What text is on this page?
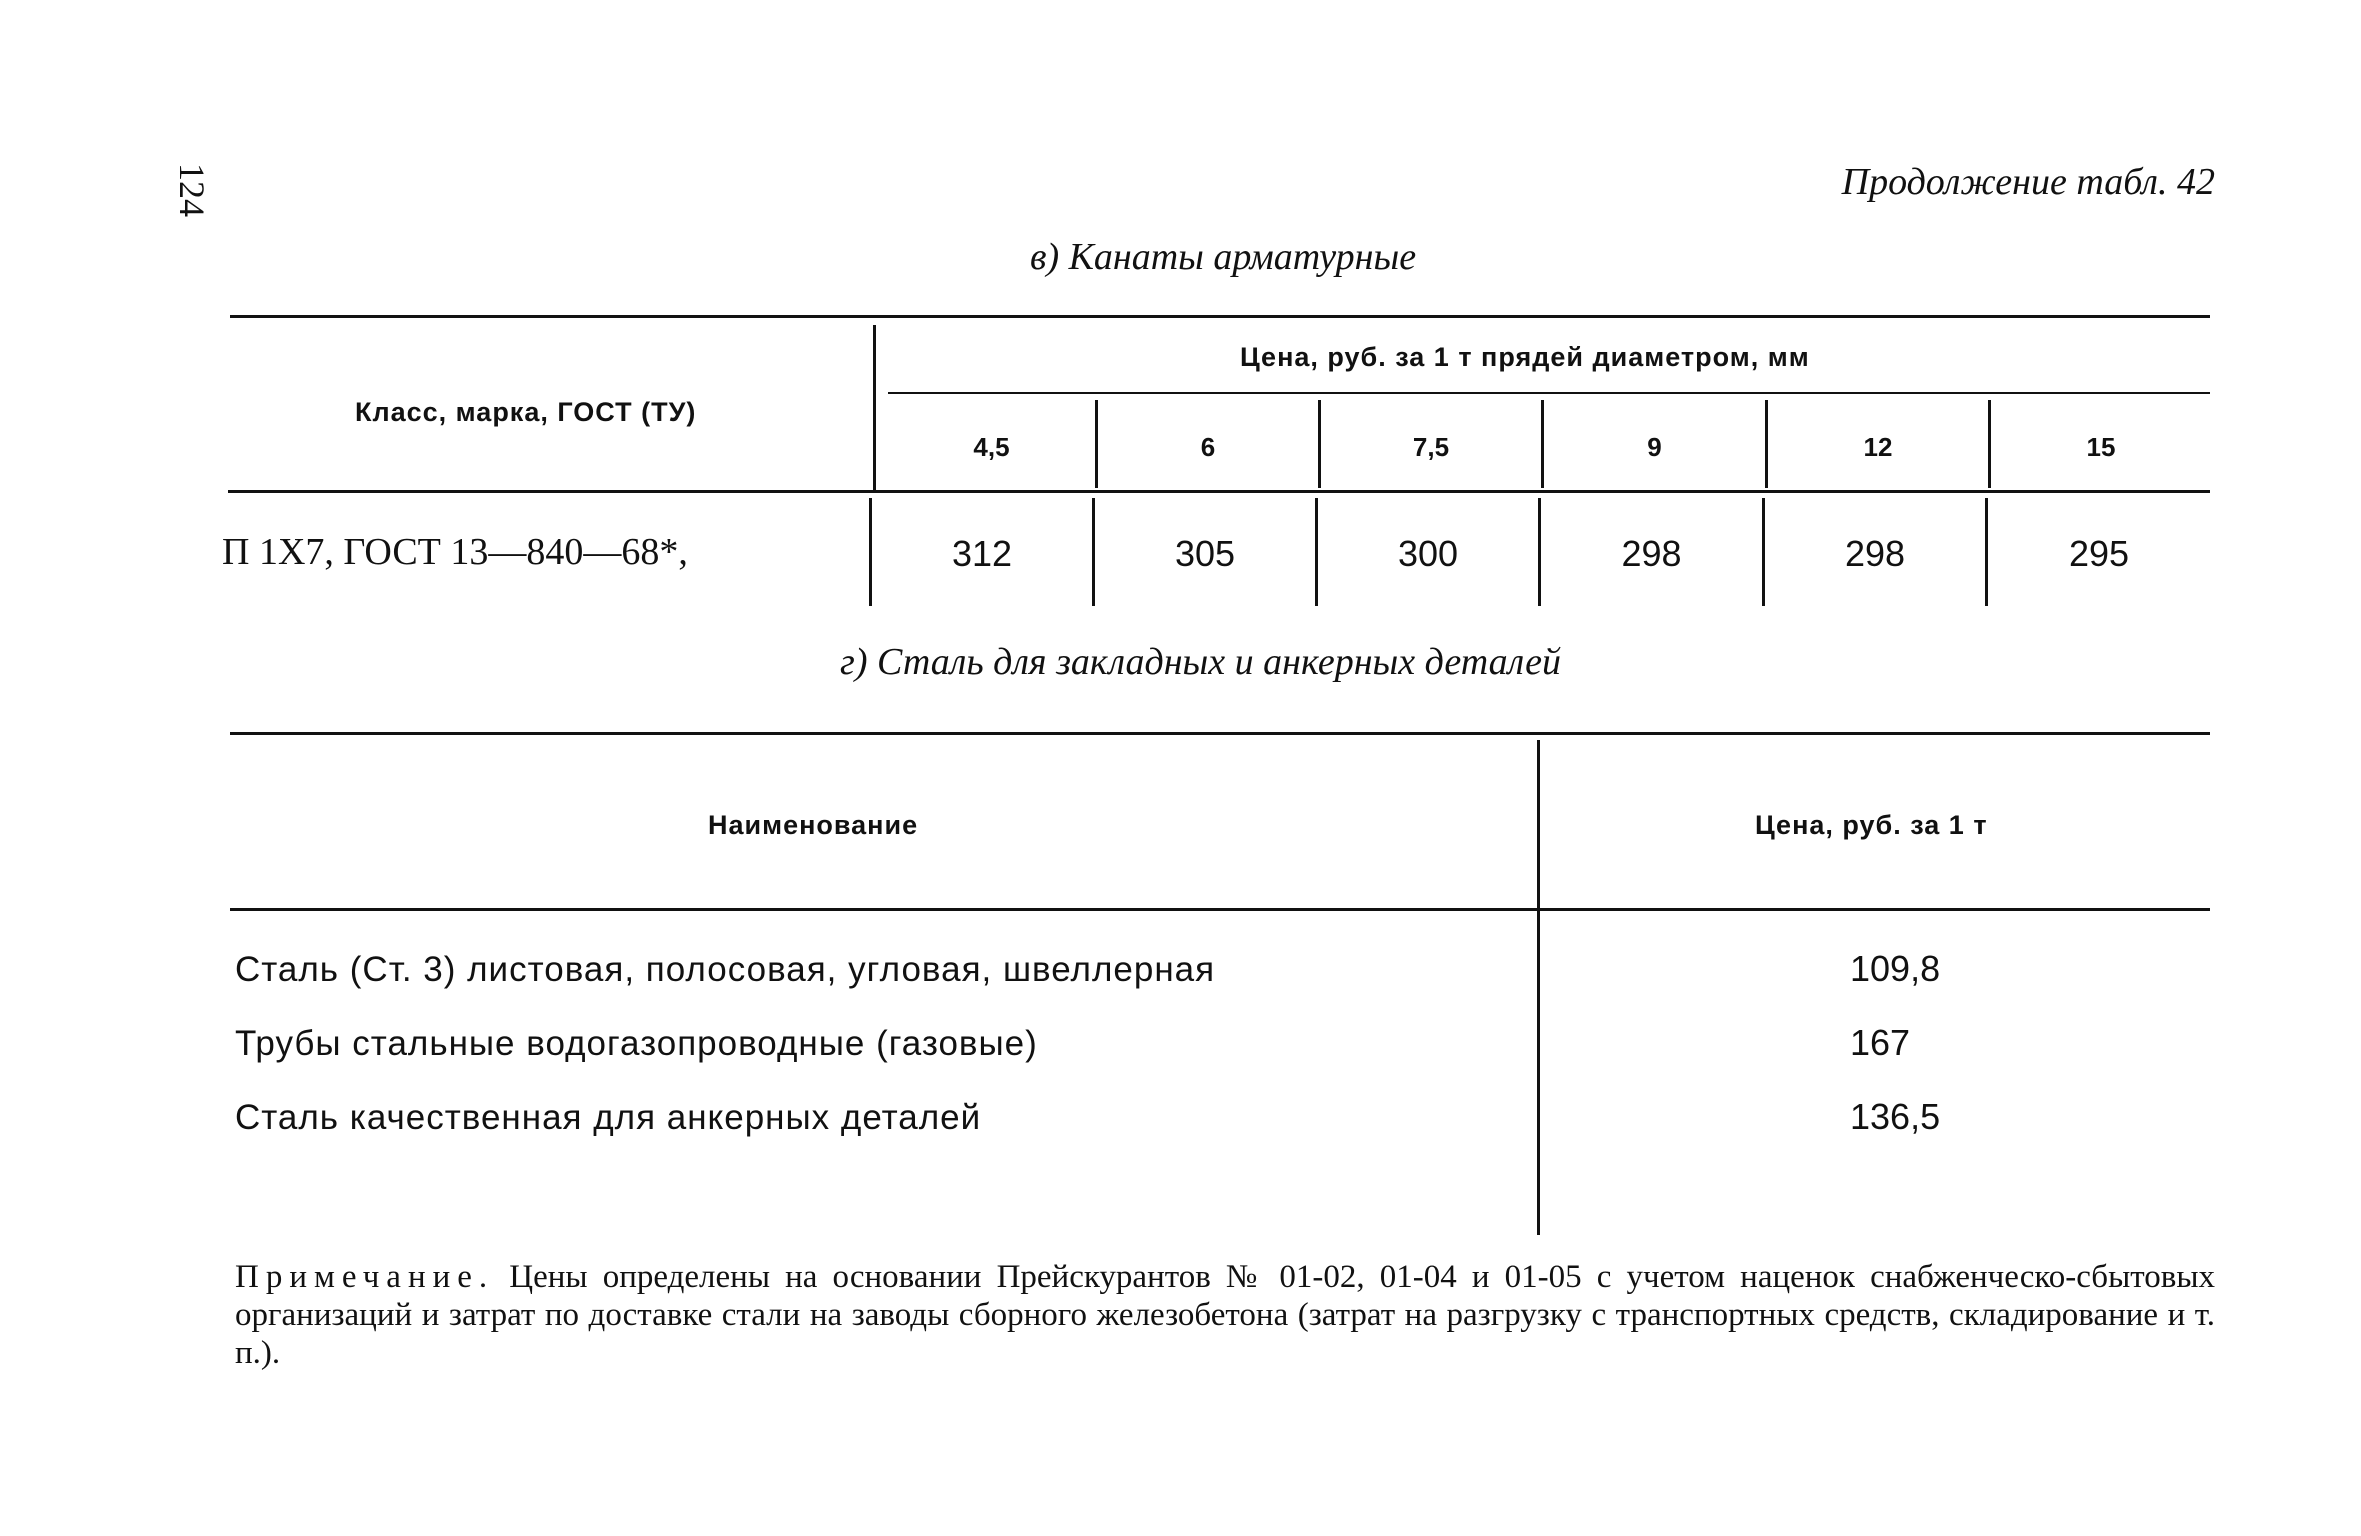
124	Продолжение табл. 42
в) Канаты арматурные
Класс, марка, ГОСТ (ТУ)
Цена, руб. за 1 т прядей диаметром, мм
4,5	6	7,5	9	12	15
П 1Х7, ГОСТ 13—840—68*,	312	305	300	298	298	295
г) Сталь для закладных и анкерных деталей
Наименование	Цена, руб. за 1 т
Сталь (Ст. 3) листовая, полосовая, угловая, швеллерная	109,8
Трубы стальные водогазопроводные (газовые)	167
Сталь качественная для анкерных деталей	136,5
Примечание. Цены определены на основании Прейскурантов № 01-02, 01-04 и 01-05 с учетом наценок снабженческо-сбытовых организаций и затрат по доставке стали на заводы сборного железобетона (затрат на разгрузку с транспортных средств, складирование и т. п.).
